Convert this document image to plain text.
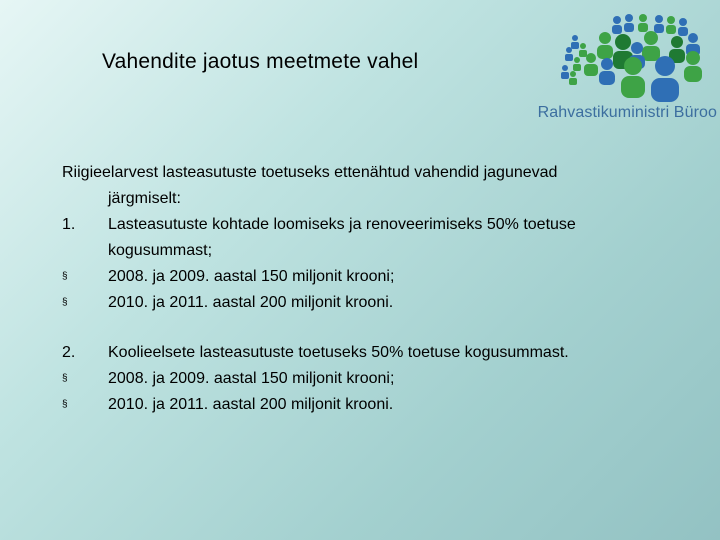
Vahendite jaotus meetmete vahel
Rahvastikuministri Büroo
Riigieelarvest lasteasutuste toetuseks ettenähtud vahendid jagunevad
järgmiselt:
1.	Lasteasutuste kohtade loomiseks ja renoveerimiseks 50% toetuse
kogusummast;
§	2008. ja 2009. aastal 150 miljonit krooni;
§	2010. ja 2011. aastal 200 miljonit krooni.
2.	Koolieelsete lasteasutuste toetuseks 50% toetuse kogusummast.
§	2008. ja 2009. aastal 150 miljonit krooni;
§	2010. ja 2011. aastal 200 miljonit krooni.
